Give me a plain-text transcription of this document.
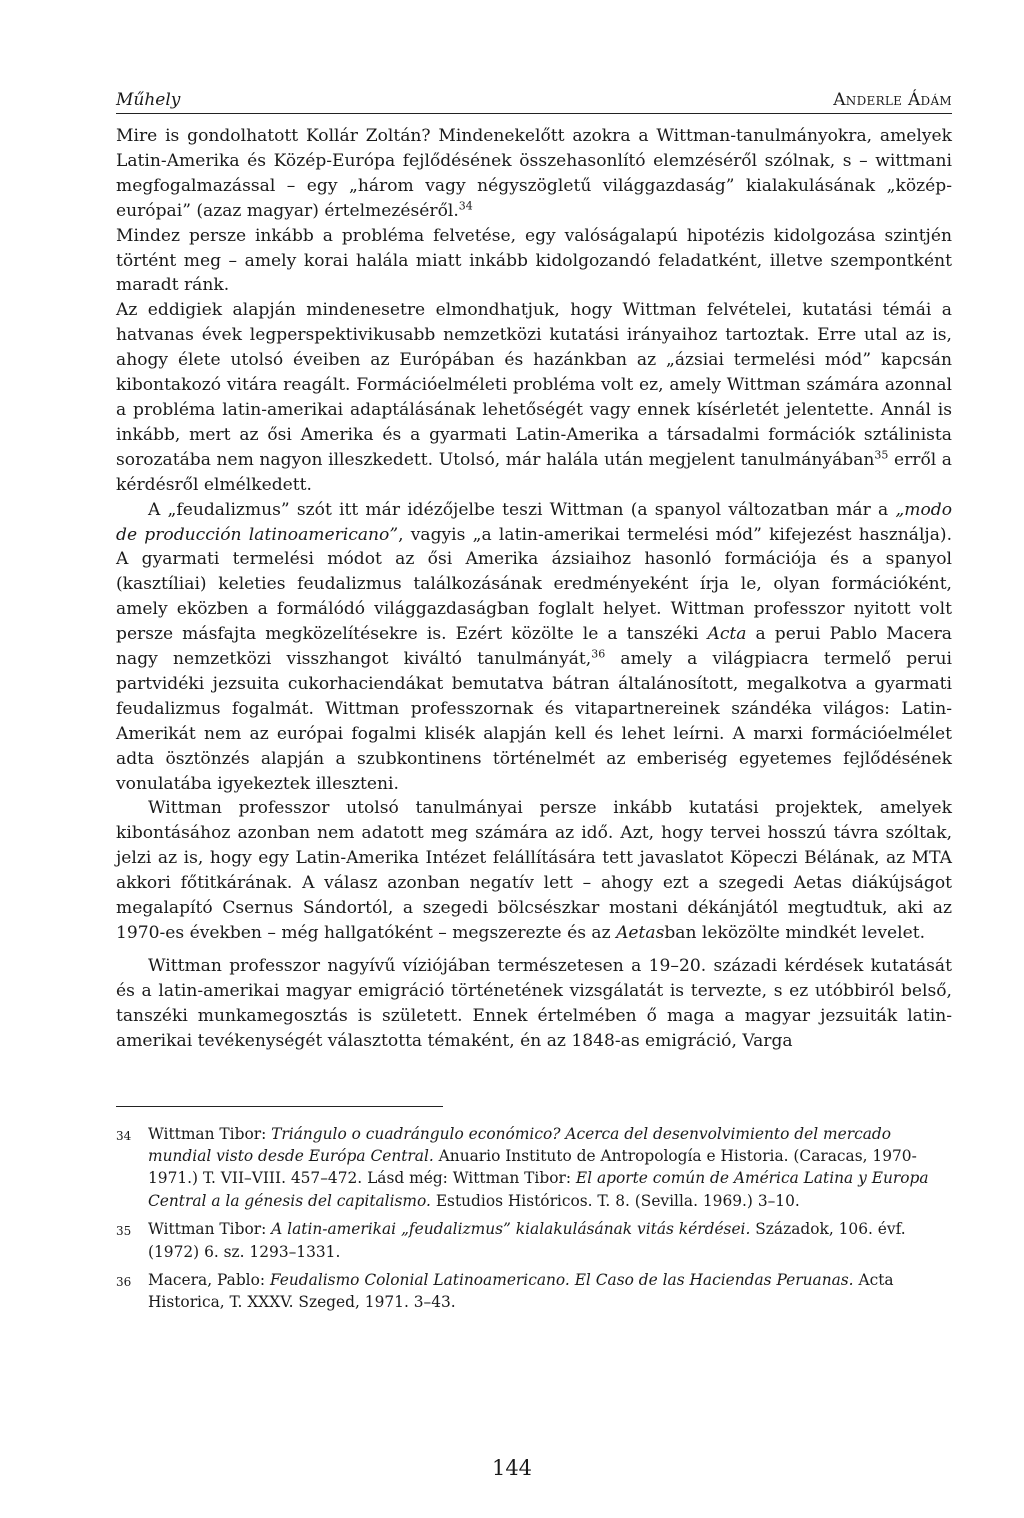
Műhely	Anderle Ádám

Mire is gondolhatott Kollár Zoltán? Mindenekelőtt azokra a Wittman-tanulmányokra, amelyek Latin-Amerika és Közép-Európa fejlődésének összehasonlító elemzéséről szólnak, s – wittmani megfogalmazással – egy „három vagy négyszögletű világgazdaság” kialakulásának „közép-európai” (azaz magyar) értelmezéséről.$^{34}$

Mindez persze inkább a probléma felvetése, egy valóságalapú hipotézis kidolgozása szintjén történt meg – amely korai halála miatt inkább kidolgozandó feladatként, illetve szempontként maradt ránk.

Az eddigiek alapján mindenesetre elmondhatjuk, hogy Wittman felvételei, kutatási témái a hatvanas évek legperspektivikusabb nemzetközi kutatási irányaihoz tartoztak. Erre utal az is, ahogy élete utolsó éveiben az Európában és hazánkban az „ázsiai termelési mód” kapcsán kibontakozó vitára reagált. Formációelméleti probléma volt ez, amely Wittman számára azonnal a probléma latin-amerikai adaptálásának lehetőségét vagy ennek kísérletét jelentette. Annál is inkább, mert az ősi Amerika és a gyarmati Latin-Amerika a társadalmi formációk sztálinista sorozatába nem nagyon illeszkedett. Utolsó, már halála után megjelent tanulmányában$^{35}$ erről a kérdésről elmélkedett.

A „feudalizmus” szót itt már idézőjelbe teszi Wittman (a spanyol változatban már a „modo de producción latinoamericano”, vagyis „a latin-amerikai termelési mód” kifejezést használja). A gyarmati termelési módot az ősi Amerika ázsiaihoz hasonló formációja és a spanyol (kasztíliai) keleties feudalizmus találkozásának eredményeként írja le, olyan formációként, amely eközben a formálódó világgazdaságban foglalt helyet. Wittman professzor nyitott volt persze másfajta megközelítésekre is. Ezért közölte le a tanszéki Acta a perui Pablo Macera nagy nemzetközi visszhangot kiváltó tanulmányát,$^{36}$ amely a világpiacra termelő perui partvidéki jezsuita cukorhaciendákat bemutatva bátran általánosított, megalkotva a gyarmati feudalizmus fogalmát. Wittman professzornak és vitapartnereinek szándéka világos: Latin-Amerikát nem az európai fogalmi klisék alapján kell és lehet leírni. A marxi formációelmélet adta ösztönzés alapján a szubkontinens történelmét az emberiség egyetemes fejlődésének vonulatába igyekeztek illeszteni.

Wittman professzor utolsó tanulmányai persze inkább kutatási projektek, amelyek kibontásához azonban nem adatott meg számára az idő. Azt, hogy tervei hosszú távra szóltak, jelzi az is, hogy egy Latin-Amerika Intézet felállítására tett javaslatot Köpeczi Bélának, az MTA akkori főtitkárának. A válasz azonban negatív lett – ahogy ezt a szegedi Aetas diákújságot megalapító Csernus Sándortól, a szegedi bölcsészkar mostani dékánjától megtudtuk, aki az 1970-es években – még hallgatóként – megszerezte és az Aetasban leközölte mindkét levelet.

Wittman professzor nagyívű víziójában természetesen a 19–20. századi kérdések kutatását és a latin-amerikai magyar emigráció történetének vizsgálatát is tervezte, s ez utóbbiról belső, tanszéki munkamegosztás is született. Ennek értelmében ő maga a magyar jezsuiták latin-amerikai tevékenységét választotta témaként, én az 1848-as emigráció, Varga

34	Wittman Tibor: Triángulo o cuadrángulo económico? Acerca del desenvolvimiento del mercado mundial visto desde Európa Central. Anuario Instituto de Antropología e Historia. (Caracas, 1970-1971.) T. VII–VIII. 457–472. Lásd még: Wittman Tibor: El aporte común de América Latina y Europa Central a la génesis del capitalismo. Estudios Históricos. T. 8. (Sevilla. 1969.) 3–10.
35	Wittman Tibor: A latin-amerikai „feudalizmus” kialakulásának vitás kérdései. Századok, 106. évf. (1972) 6. sz. 1293–1331.
36	Macera, Pablo: Feudalismo Colonial Latinoamericano. El Caso de las Haciendas Peruanas. Acta Historica, T. XXXV. Szeged, 1971. 3–43.
144
